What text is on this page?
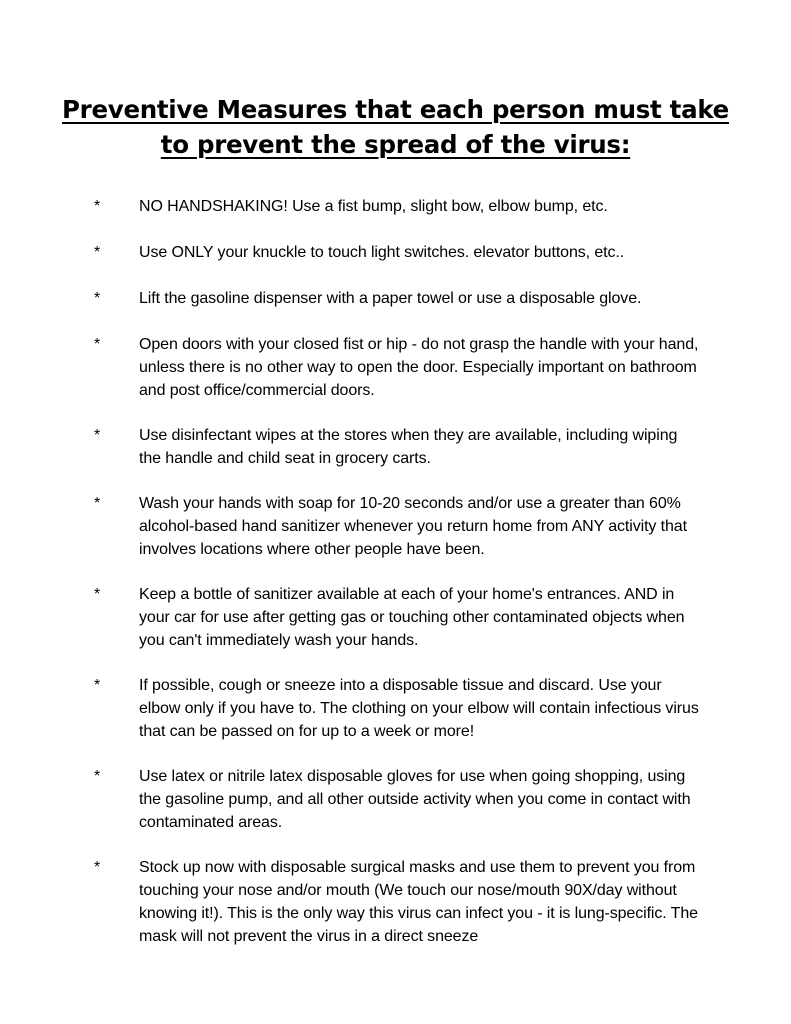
Preventive Measures that each person must take
to prevent the spread of the virus:
* NO HANDSHAKING! Use a fist bump, slight bow, elbow bump, etc.

* Use ONLY your knuckle to touch light switches. elevator buttons, etc..

* Lift the gasoline dispenser with a paper towel or use a disposable glove.

* Open doors with your closed fist or hip - do not grasp the handle with your hand, unless there is no other way to open the door. Especially important on bathroom and post office/commercial doors.

* Use disinfectant wipes at the stores when they are available, including wiping the handle and child seat in grocery carts.

* Wash your hands with soap for 10-20 seconds and/or use a greater than 60% alcohol-based hand sanitizer whenever you return home from ANY activity that involves locations where other people have been.

* Keep a bottle of sanitizer available at each of your home's entrances. AND in your car for use after getting gas or touching other contaminated objects when you can't immediately wash your hands.

* If possible, cough or sneeze into a disposable tissue and discard. Use your elbow only if you have to. The clothing on your elbow will contain infectious virus that can be passed on for up to a week or more!

* Use latex or nitrile latex disposable gloves for use when going shopping, using the gasoline pump, and all other outside activity when you come in contact with contaminated areas.

* Stock up now with disposable surgical masks and use them to prevent you from touching your nose and/or mouth (We touch our nose/mouth 90X/day without knowing it!). This is the only way this virus can infect you - it is lung-specific. The mask will not prevent the virus in a direct sneeze
